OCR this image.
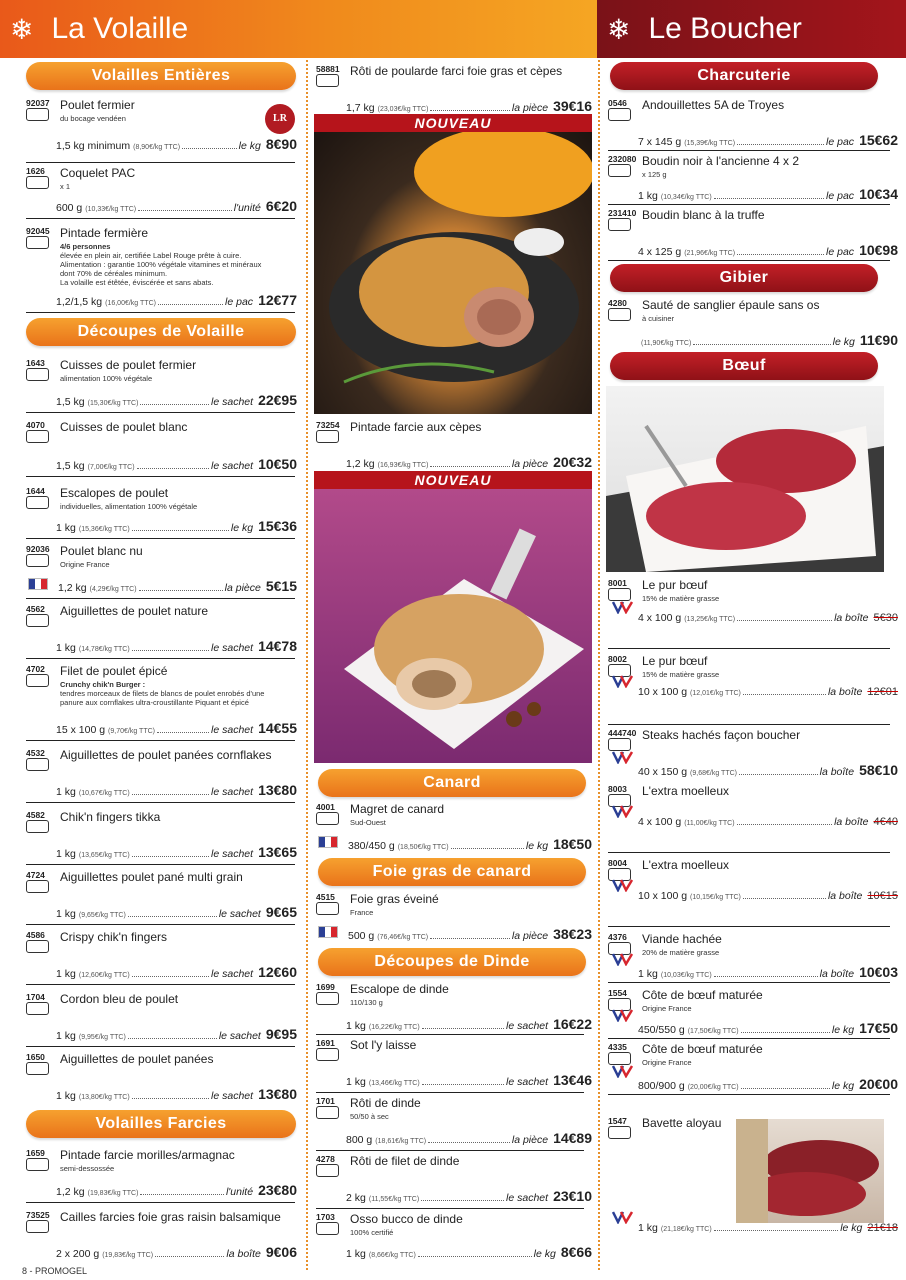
❄ La Volaille	❄ Le Boucher
Volailles Entières
Découpes de Volaille
Volailles Farcies
LR
92037 Poulet fermier
du bocage vendéen
1,5 kg minimum (8,90€/kg TTC)	le kg 8€90
1626 Coquelet PAC
x 1
600 g (10,33€/kg TTC)	l'unité 6€20
92045 Pintade fermière
4/6 personnes
élevée en plein air, certifiée Label Rouge prête à cuire.
Alimentation : garantie 100% végétale vitamines et minéraux
dont 70% de céréales minimum.
La volaille est étêtée, éviscérée et sans abats.
1,2/1,5 kg (16,00€/kg TTC)	le pac 12€77
1643 Cuisses de poulet fermier
alimentation 100% végétale
1,5 kg (15,30€/kg TTC)	le sachet 22€95
4070 Cuisses de poulet blanc
1,5 kg (7,00€/kg TTC)	le sachet 10€50
1644 Escalopes de poulet
individuelles, alimentation 100% végétale
1 kg (15,36€/kg TTC)	le kg 15€36
92036 Poulet blanc nu
Origine France
1,2 kg (4,29€/kg TTC)	la pièce 5€15
4562 Aiguillettes de poulet nature
1 kg (14,78€/kg TTC)	le sachet 14€78
4702 Filet de poulet épicé
Crunchy chik'n Burger :
tendres morceaux de filets de blancs de poulet enrobés d'une
panure aux cornflakes ultra-croustillante Piquant et épicé
15 x 100 g (9,70€/kg TTC)	le sachet 14€55
4532 Aiguillettes de poulet panées cornflakes
1 kg (10,67€/kg TTC)	le sachet 13€80
4582 Chik'n fingers tikka
1 kg (13,65€/kg TTC)	le sachet 13€65
4724 Aiguillettes poulet pané multi grain
1 kg (9,65€/kg TTC)	le sachet 9€65
4586 Crispy chik'n fingers
1 kg (12,60€/kg TTC)	le sachet 12€60
1704 Cordon bleu de poulet
1 kg (9,95€/kg TTC)	le sachet 9€95
1650 Aiguillettes de poulet panées
1 kg (13,80€/kg TTC)	le sachet 13€80
1659 Pintade farcie morilles/armagnac
semi-dessossée
1,2 kg (19,83€/kg TTC)	l'unité 23€80
73525 Cailles farcies foie gras raisin balsamique
2 x 200 g (19,83€/kg TTC)	la boîte 9€06
NOUVEAU
NOUVEAU
Canard
Foie gras de canard
Découpes de Dinde
58881 Rôti de poularde farci foie gras et cèpes
1,7 kg (23,03€/kg TTC)	la pièce 39€16
73254 Pintade farcie aux cèpes
1,2 kg (16,93€/kg TTC)	la pièce 20€32
4001 Magret de canard
Sud-Ouest
380/450 g (18,50€/kg TTC)	le kg 18€50
4515 Foie gras éveiné
France
500 g (76,46€/kg TTC)	la pièce 38€23
1699 Escalope de dinde
110/130 g
1 kg (16,22€/kg TTC)	le sachet 16€22
1691 Sot l'y laisse
1 kg (13,46€/kg TTC)	le sachet 13€46
1701 Rôti de dinde
50/50 à sec
800 g (18,61€/kg TTC)	la pièce 14€89
4278 Rôti de filet de dinde
2 kg (11,55€/kg TTC)	le sachet 23€10
1703 Osso bucco de dinde
100% certifié
1 kg (8,66€/kg TTC)	le kg 8€66
Charcuterie
Gibier
Bœuf
0546 Andouillettes 5A de Troyes
7 x 145 g (15,39€/kg TTC)	le pac 15€62
232080 Boudin noir à l'ancienne 4 x 2
x 125 g
1 kg (10,34€/kg TTC)	le pac 10€34
231410 Boudin blanc à la truffe
4 x 125 g (21,96€/kg TTC)	le pac 10€98
4280 Sauté de sanglier épaule sans os
à cuisiner
(11,90€/kg TTC)	le kg 11€90
8001 Le pur bœuf
15% de matière grasse
4 x 100 g (13,25€/kg TTC)	la boîte 5€30
8002 Le pur bœuf
15% de matière grasse
10 x 100 g (12,01€/kg TTC)	la boîte 12€01
444740 Steaks hachés façon boucher
40 x 150 g (9,68€/kg TTC)	la boîte 58€10
8003 L'extra moelleux
4 x 100 g (11,00€/kg TTC)	la boîte 4€40
8004 L'extra moelleux
10 x 100 g (10,15€/kg TTC)	la boîte 10€15
4376 Viande hachée
20% de matière grasse
1 kg (10,03€/kg TTC)	la boîte 10€03
1554 Côte de bœuf maturée
Origine France
450/550 g (17,50€/kg TTC)	le kg 17€50
4335 Côte de bœuf maturée
Origine France
800/900 g (20,00€/kg TTC)	le kg 20€00
1547 Bavette aloyau
1 kg (21,18€/kg TTC)	le kg 21€18
8 - PROMOGEL
